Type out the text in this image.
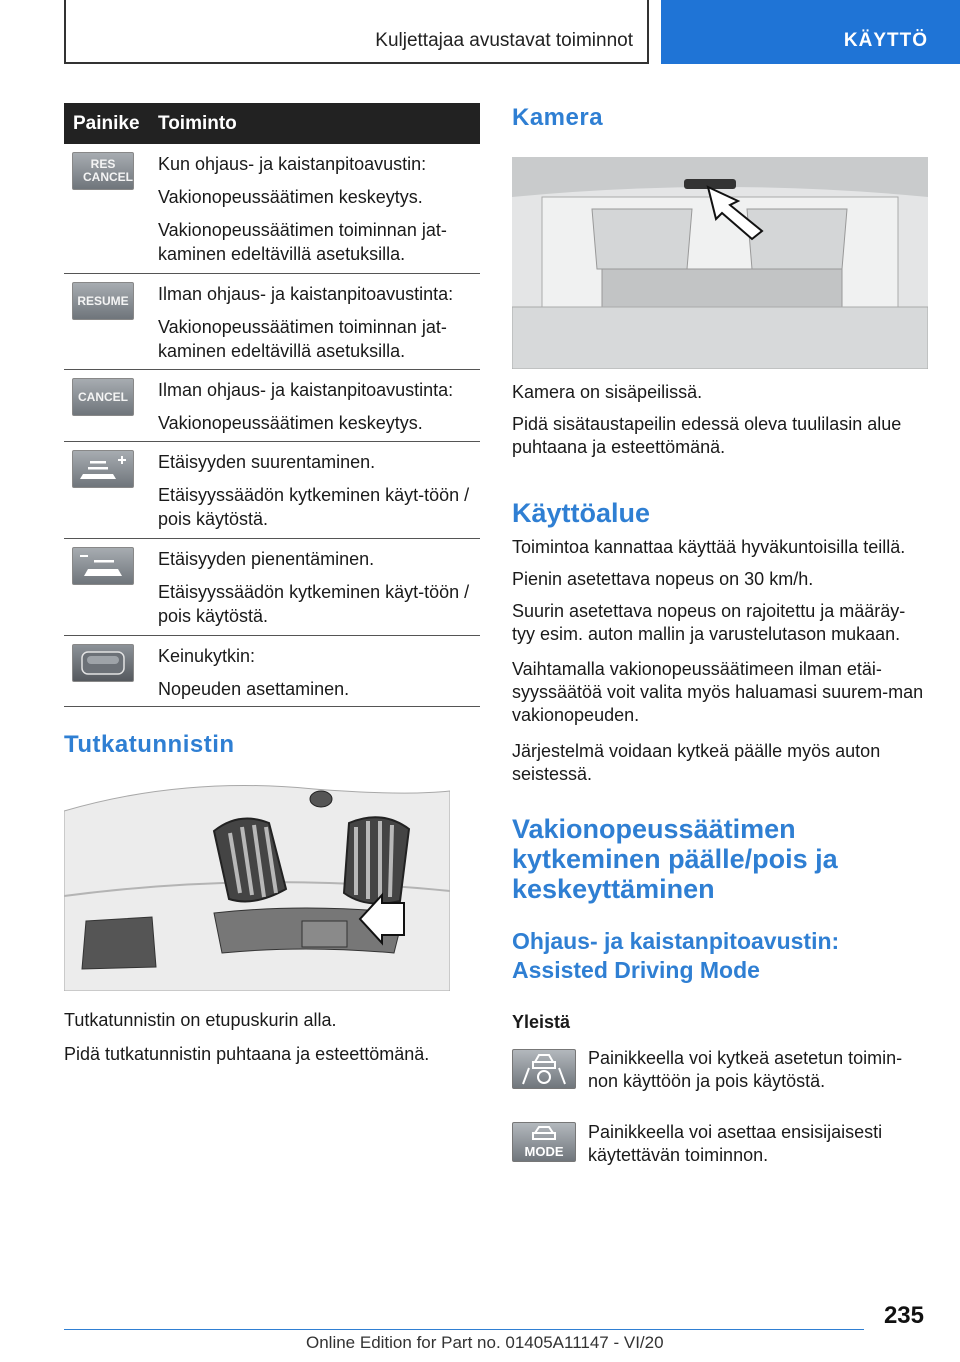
Kuljettajaa avustavat toiminnot	KÄYTTÖ
Painike Toiminto
RES CANCEL

Kun ohjaus- ja kaistanpitoavustin:

Vakionopeussäätimen keskeytys.

Vakionopeussäätimen toiminnan jat-kaminen edeltävillä asetuksilla.

RESUME Ilman ohjaus- ja kaistanpitoavustinta:

Vakionopeussäätimen toiminnan jat-kaminen edeltävillä asetuksilla.

CANCEL Ilman ohjaus- ja kaistanpitoavustinta:

Vakionopeussäätimen keskeytys.

Etäisyyden suurentaminen.

Etäisyyssäädön kytkeminen käyt-töön / pois käytöstä.

Etäisyyden pienentäminen.

Etäisyyssäädön kytkeminen käyt-töön / pois käytöstä.

Keinukytkin:

Nopeuden asettaminen.

Tutkatunnistin
Tutkatunnistin on etupuskurin alla.
Pidä tutkatunnistin puhtaana ja esteettömänä.
Kamera
Kamera on sisäpeilissä.
Pidä sisätaustapeilin edessä oleva tuulilasin alue puhtaana ja esteettömänä.
Käyttöalue
Toimintoa kannattaa käyttää hyväkuntoisilla teillä.
Pienin asetettava nopeus on 30 km/h.
Suurin asetettava nopeus on rajoitettu ja määräy-tyy esim. auton mallin ja varustelutason mukaan.
Vaihtamalla vakionopeussäätimeen ilman etäi-syyssäätöä voit valita myös haluamasi suurem-man vakionopeuden.
Järjestelmä voidaan kytkeä päälle myös auton seistessä.
Vakionopeussäätimen kytkeminen päälle/pois ja keskeyttäminen
Ohjaus- ja kaistanpitoavustin: Assisted Driving Mode
Yleistä
Painikkeella voi kytkeä asetetun toimin-non käyttöön ja pois käytöstä.
MODE
Painikkeella voi asettaa ensisijaisesti käytettävän toiminnon.
235
Online Edition for Part no. 01405A11147 - VI/20
